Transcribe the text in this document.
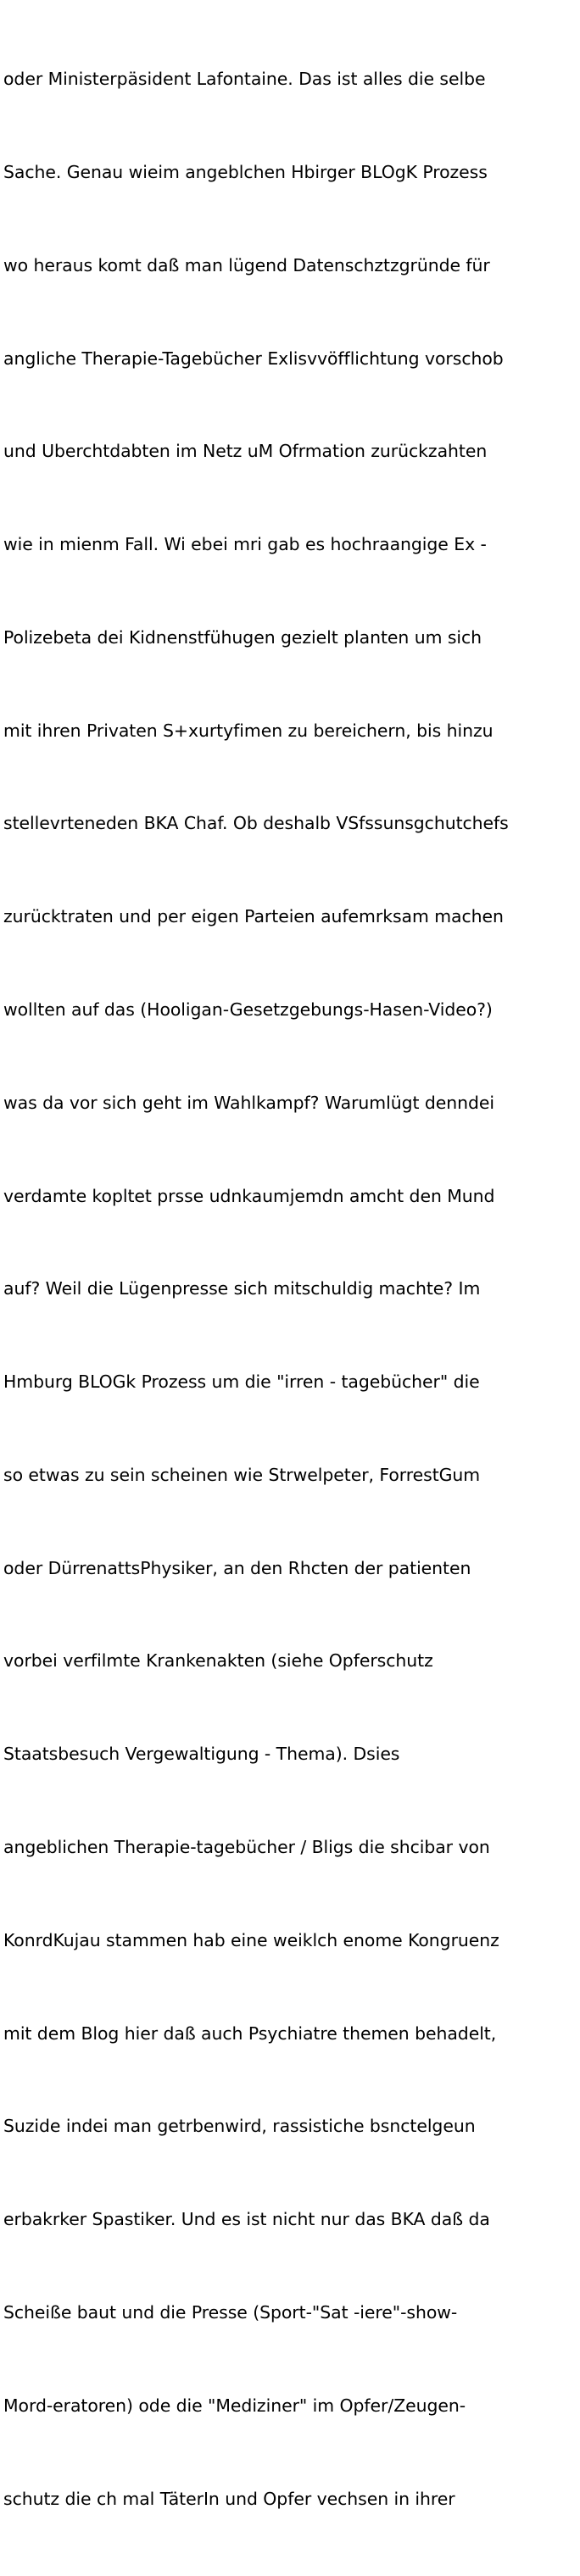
oder Ministerpäsident Lafontaine. Das ist alles die selbe

Sache. Genau wieim angeblchen Hbirger BLOgK Prozess

wo heraus komt daß man lügend Datenschztzgründe für

angliche Therapie-Tagebücher Exlisvvöfflichtung vorschob

und Uberchtdabten im Netz uM Ofrmation zurückzahten

wie in mienm Fall. Wi ebei mri gab es hochraangige Ex -

Polizebeta dei Kidnenstfühugen gezielt planten um sich

mit ihren Privaten S+xurtyfimen zu bereichern, bis hinzu

stellevrteneden BKA Chaf. Ob deshalb VSfssunsgchutchefs

zurücktraten und per eigen Parteien aufemrksam machen

wollten auf das (Hooligan-Gesetzgebungs-Hasen-Video?)

was da vor sich geht im Wahlkampf? Warumlügt denndei

verdamte kopltet prsse udnkaumjemdn amcht den Mund

auf? Weil die Lügenpresse sich mitschuldig machte? Im

Hmburg BLOGk Prozess um die "irren - tagebücher" die

so etwas zu sein scheinen wie Strwelpeter, ForrestGum

oder DürrenattsPhysiker, an den Rhcten der patienten

vorbei verfilmte Krankenakten (siehe Opferschutz

Staatsbesuch Vergewaltigung - Thema). Dsies

angeblichen Therapie-tagebücher / Bligs die shcibar von

KonrdKujau stammen hab eine weiklch enome Kongruenz

mit dem Blog hier daß auch Psychiatre themen behadelt,

Suzide indei man getrbenwird, rassistiche bsnctelgeun

erbakrker Spastiker. Und es ist nicht nur das BKA daß da

Scheiße baut und die Presse (Sport-"Sat -iere"-show-

Mord-eratoren) ode die "Mediziner" im Opfer/Zeugen-

schutz die ch mal TäterIn und Opfer vechsen in ihrer
